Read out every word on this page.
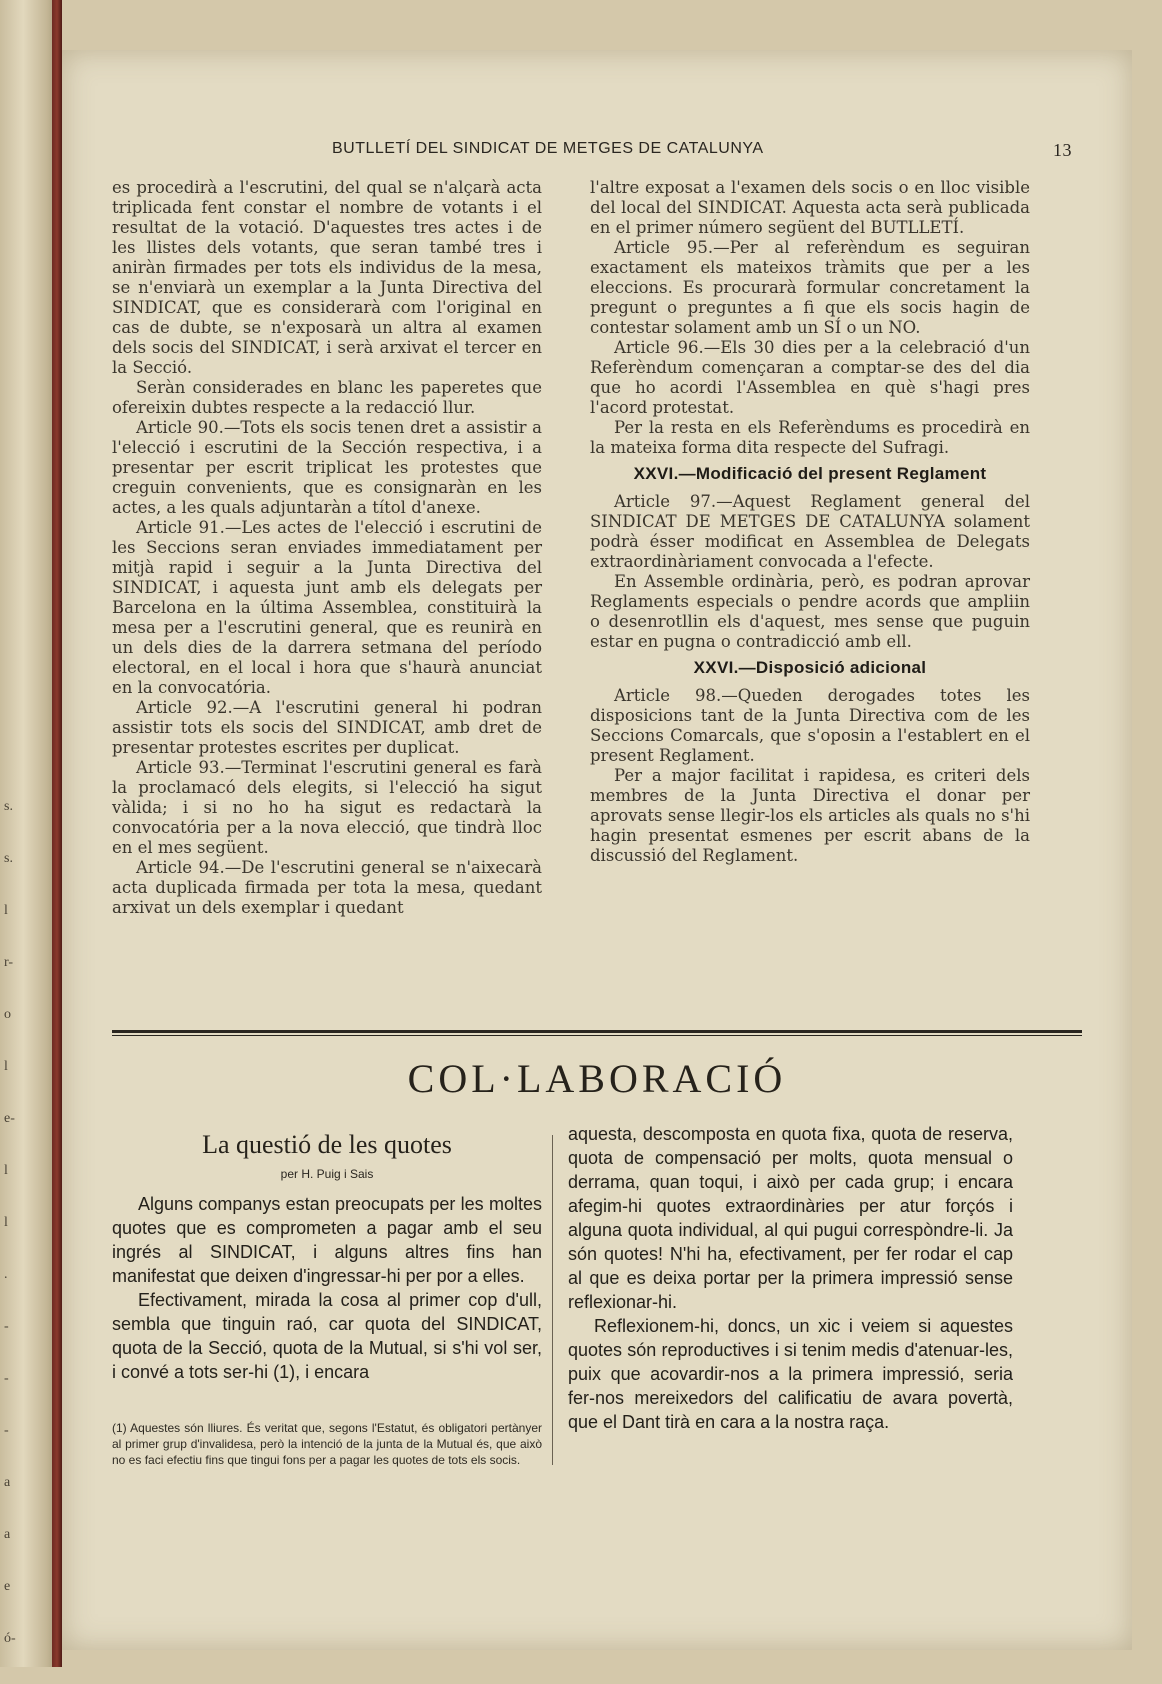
s.
s.
l
r-
o
l
e-
l
l
.
-
-
-
a
a
e
ó-
BUTLLETÍ DEL SINDICAT DE METGES DE CATALUNYA	13

es procedirà a l'escrutini, del qual se n'alçarà acta triplicada fent constar el nombre de votants i el resultat de la votació. D'aquestes tres actes i de les llistes dels votants, que seran també tres i aniràn firmades per tots els individus de la mesa, se n'enviarà un exemplar a la Junta Directiva del SINDICAT, que es considerarà com l'original en cas de dubte, se n'exposarà un altra al examen dels socis del SINDICAT, i serà arxivat el tercer en la Secció.

Seràn considerades en blanc les paperetes que ofereixin dubtes respecte a la redacció llur.

Article 90.—Tots els socis tenen dret a assistir a l'elecció i escrutini de la Sección respectiva, i a presentar per escrit triplicat les protestes que creguin convenients, que es consignaràn en les actes, a les quals adjuntaràn a títol d'anexe.

Article 91.—Les actes de l'elecció i escrutini de les Seccions seran enviades immediatament per mitjà rapid i seguir a la Junta Directiva del SINDICAT, i aquesta junt amb els delegats per Barcelona en la última Assemblea, constituirà la mesa per a l'escrutini general, que es reunirà en un dels dies de la darrera setmana del período electoral, en el local i hora que s'haurà anunciat en la convocatória.

Article 92.—A l'escrutini general hi podran assistir tots els socis del SINDICAT, amb dret de presentar protestes escrites per duplicat.

Article 93.—Terminat l'escrutini general es farà la proclamacó dels elegits, si l'elecció ha sigut vàlida; i si no ho ha sigut es redactarà la convocatória per a la nova elecció, que tindrà lloc en el mes següent.

Article 94.—De l'escrutini general se n'aixecarà acta duplicada firmada per tota la mesa, quedant arxivat un dels exemplar i quedant

l'altre exposat a l'examen dels socis o en lloc visible del local del SINDICAT. Aquesta acta serà publicada en el primer número següent del BUTLLETÍ.

Article 95.—Per al referèndum es seguiran exactament els mateixos tràmits que per a les eleccions. Es procurarà formular concretament la pregunt o preguntes a fi que els socis hagin de contestar solament amb un SÍ o un NO.

Article 96.—Els 30 dies per a la celebració d'un Referèndum començaran a comptar-se des del dia que ho acordi l'Assemblea en què s'hagi pres l'acord protestat.

Per la resta en els Referèndums es procedirà en la mateixa forma dita respecte del Sufragi.

XXVI.—Modificació del present Reglament

Article 97.—Aquest Reglament general del SINDICAT DE METGES DE CATALUNYA solament podrà ésser modificat en Assemblea de Delegats extraordinàriament convocada a l'efecte.

En Assemble ordinària, però, es podran aprovar Reglaments especials o pendre acords que ampliin o desenrotllin els d'aquest, mes sense que puguin estar en pugna o contradicció amb ell.

XXVI.—Disposició adicional

Article 98.—Queden derogades totes les disposicions tant de la Junta Directiva com de les Seccions Comarcals, que s'oposin a l'establert en el present Reglament.

Per a major facilitat i rapidesa, es criteri dels membres de la Junta Directiva el donar per aprovats sense llegir-los els articles als quals no s'hi hagin presentat esmenes per escrit abans de la discussió del Reglament.

COL·LABORACIÓ
La questió de les quotes
per H. Puig i Sais

Alguns companys estan preocupats per les moltes quotes que es comprometen a pagar amb el seu ingrés al SINDICAT, i alguns altres fins han manifestat que deixen d'ingressar-hi per por a elles.

Efectivament, mirada la cosa al primer cop d'ull, sembla que tinguin raó, car quota del SINDICAT, quota de la Secció, quota de la Mutual, si s'hi vol ser, i convé a tots ser-hi (1), i encara

(1) Aquestes són lliures. És veritat que, segons l'Estatut, és obligatori pertànyer al primer grup d'invalidesa, però la intenció de la junta de la Mutual és, que això no es faci efectiu fins que tingui fons per a pagar les quotes de tots els socis.

aquesta, descomposta en quota fixa, quota de reserva, quota de compensació per molts, quota mensual o derrama, quan toqui, i això per cada grup; i encara afegim-hi quotes extraordinàries per atur forçós i alguna quota individual, al qui pugui correspòndre-li. Ja són quotes! N'hi ha, efectivament, per fer rodar el cap al que es deixa portar per la primera impressió sense reflexionar-hi.

Reflexionem-hi, doncs, un xic i veiem si aquestes quotes són reproductives i si tenim medis d'atenuar-les, puix que acovardir-nos a la primera impressió, seria fer-nos mereixedors del calificatiu de avara povertà, que el Dant tirà en cara a la nostra raça.
